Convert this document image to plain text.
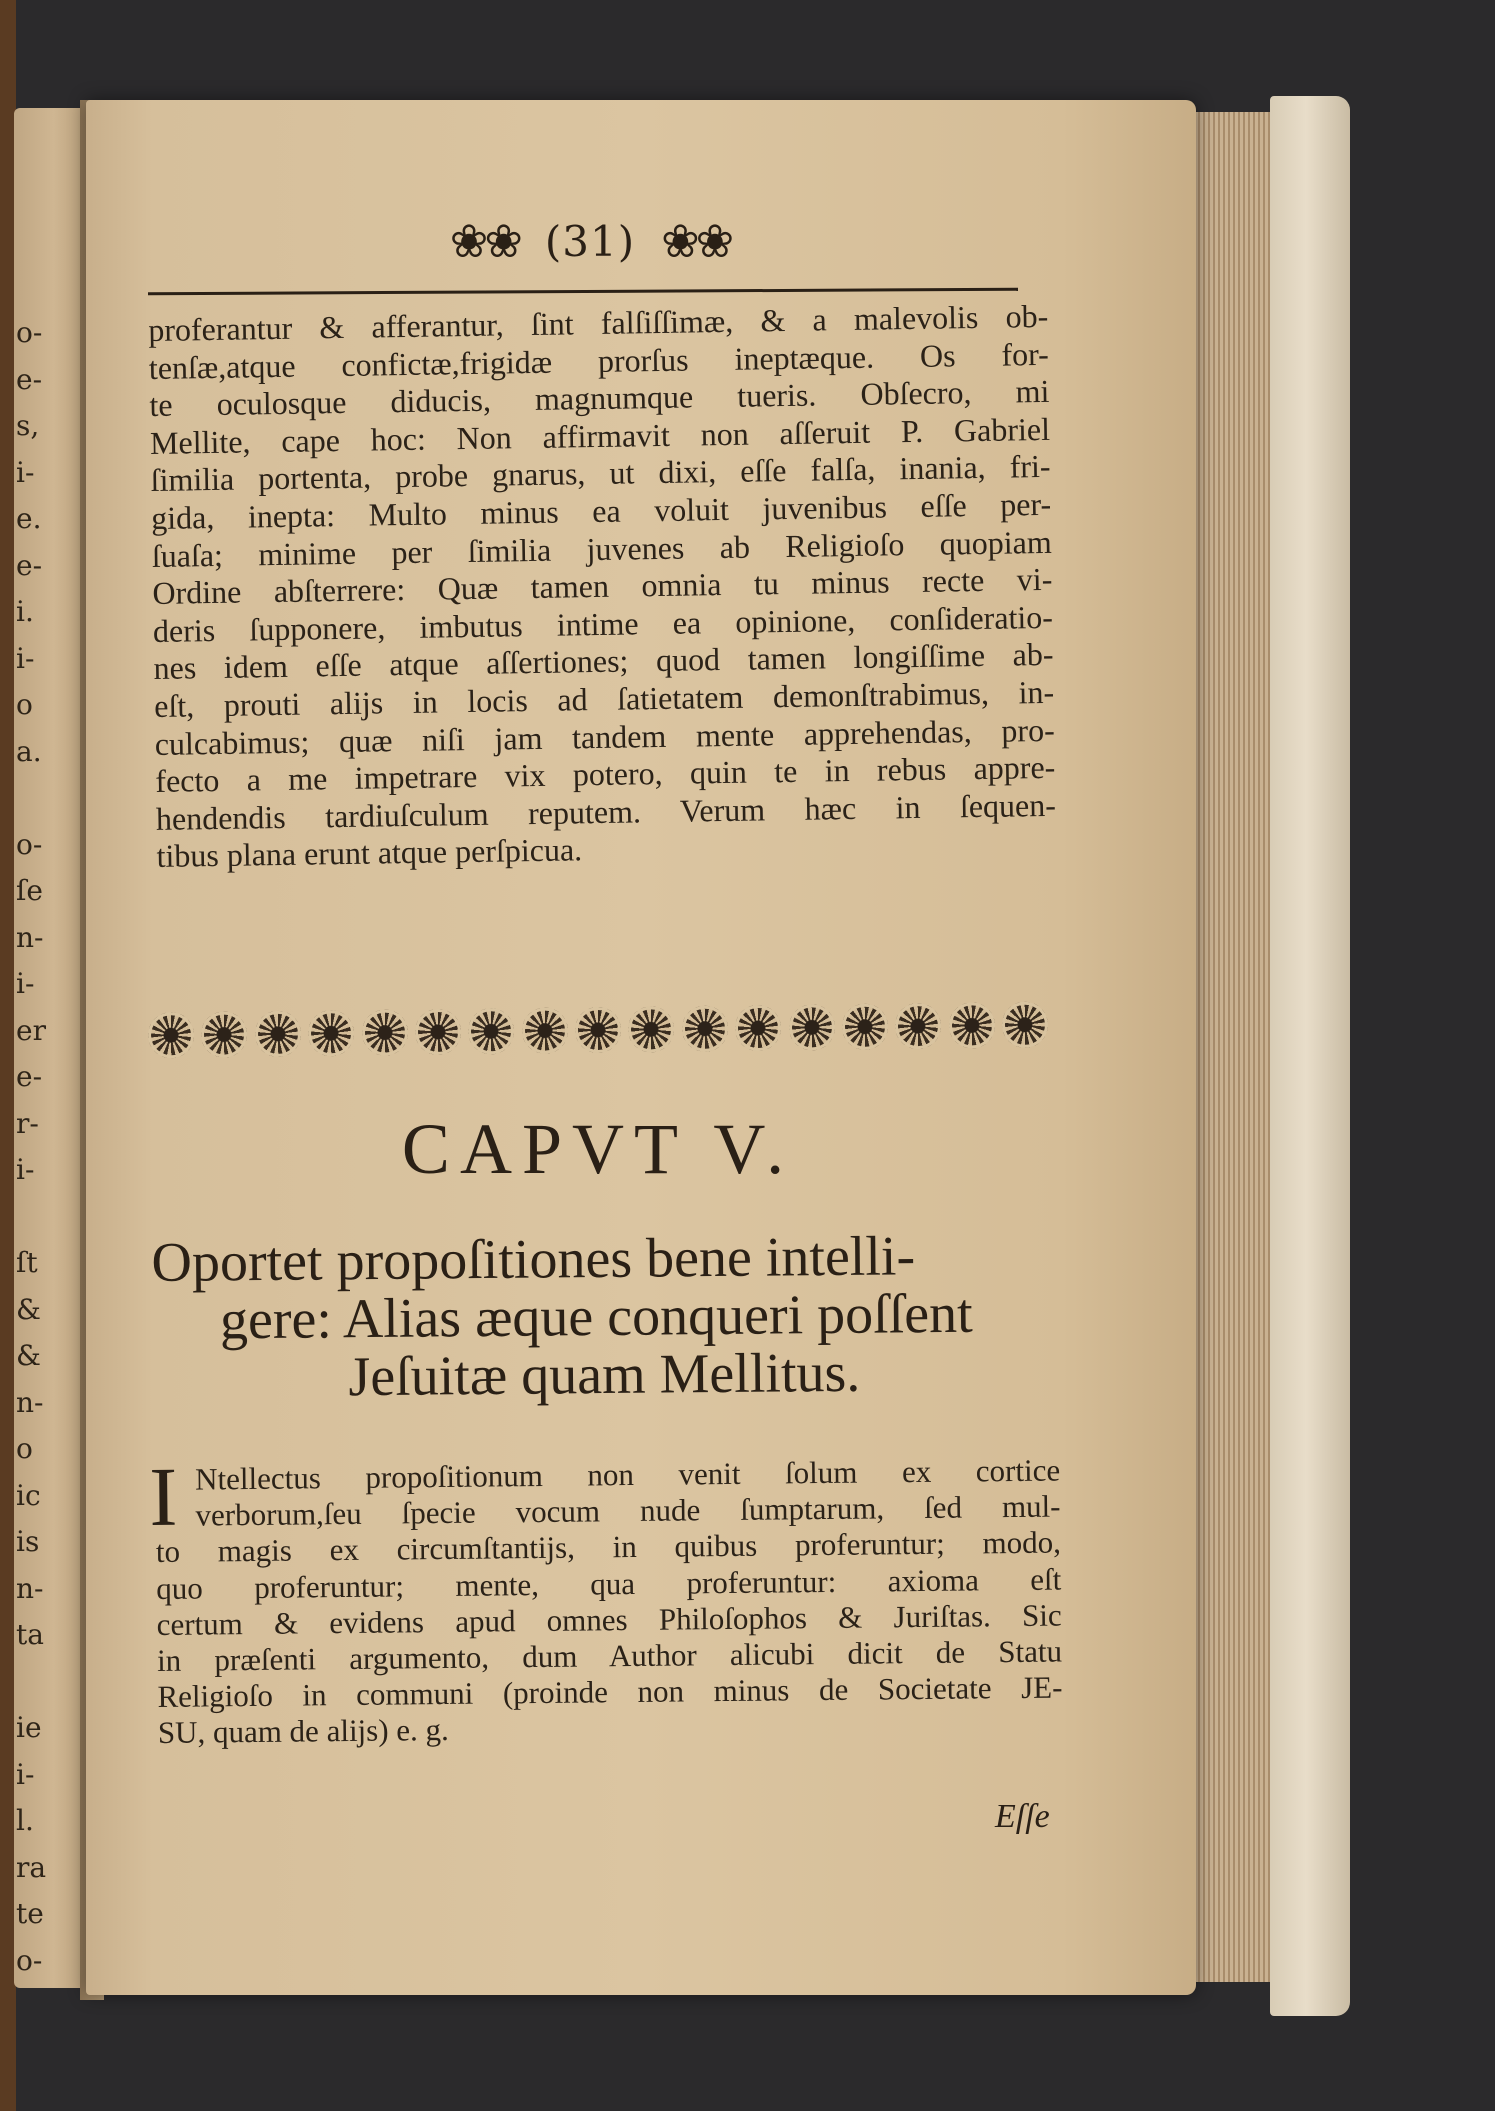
o-
e-
s,
i-
e.
e-
i.
i-
o
a.
o-
ſe
n-
i-
er
e-
r-
i-
ſt
&
&
n-
o
ic
is
n-
ta
ie
i-
l.
ra
te
o-
❀❀ (31) ❀❀
proferantur & afferantur, ſint falſiſſimæ, & a malevolis ob-
tenſæ,atque confictæ,frigidæ prorſus ineptæque. Os for-
te oculosque diducis, magnumque tueris. Obſecro, mi
Mellite, cape hoc: Non affirmavit non aſſeruit P. Gabriel
ſimilia portenta, probe gnarus, ut dixi, eſſe falſa, inania, fri-
gida, inepta: Multo minus ea voluit juvenibus eſſe per-
ſuaſa; minime per ſimilia juvenes ab Religioſo quopiam
Ordine abſterrere: Quæ tamen omnia tu minus recte vi-
deris ſupponere, imbutus intime ea opinione, conſideratio-
nes idem eſſe atque aſſertiones; quod tamen longiſſime ab-
eſt, prouti alijs in locis ad ſatietatem demonſtrabimus, in-
culcabimus; quæ niſi jam tandem mente apprehendas, pro-
fecto a me impetrare vix potero, quin te in rebus appre-
hendendis tardiuſculum reputem. Verum hæc in ſequen-
tibus plana erunt atque perſpicua.
CAPVT V.
Oportet propoſitiones bene intelli-
gere: Alias æque conqueri poſſent
Jeſuitæ quam Mellitus.
I Ntellectus propoſitionum non venit ſolum ex cortice
verborum,ſeu ſpecie vocum nude ſumptarum, ſed mul-
to magis ex circumſtantijs, in quibus proferuntur; modo,
quo proferuntur; mente, qua proferuntur: axioma eſt
certum & evidens apud omnes Philoſophos & Juriſtas. Sic
in præſenti argumento, dum Author alicubi dicit de Statu
Religioſo in communi (proinde non minus de Societate JE-
SU, quam de alijs) e. g.
Eſſe
